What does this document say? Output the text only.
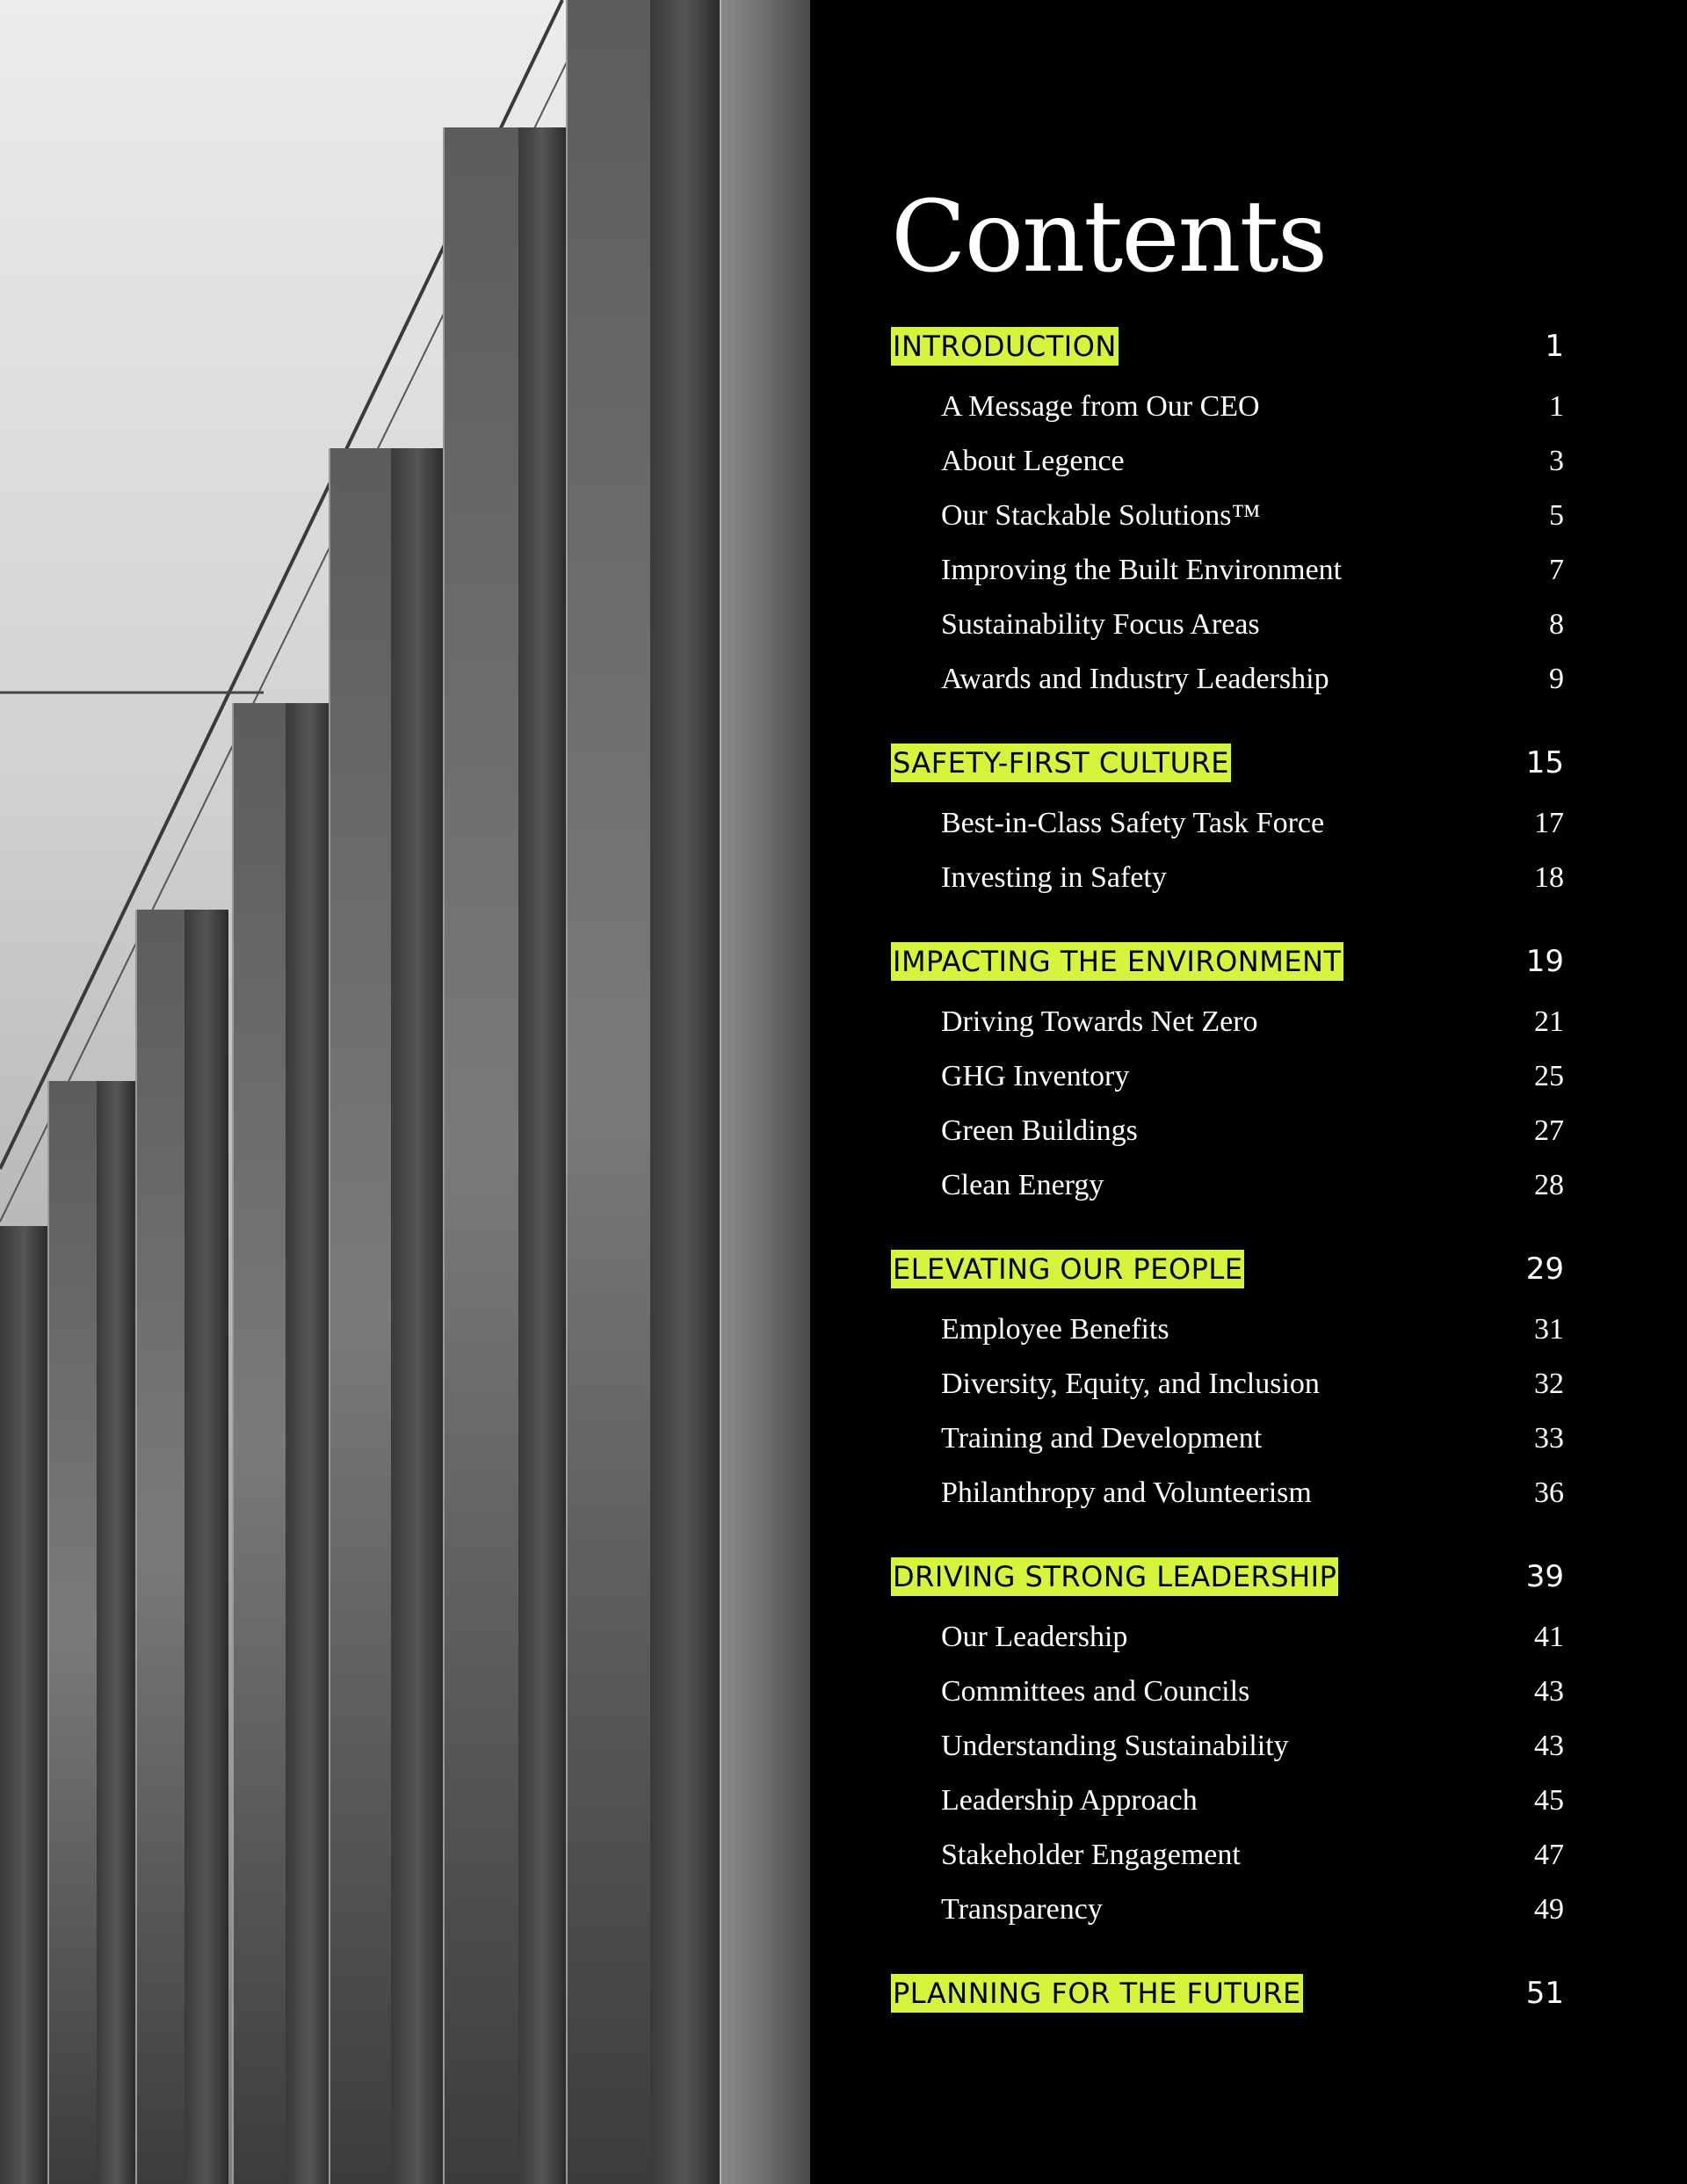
Contents
INTRODUCTION	1
A Message from Our CEO	1
About Legence	3
Our Stackable Solutions™	5
Improving the Built Environment	7
Sustainability Focus Areas	8
Awards and Industry Leadership	9
SAFETY-FIRST CULTURE	15
Best-in-Class Safety Task Force	17
Investing in Safety	18
IMPACTING THE ENVIRONMENT	19
Driving Towards Net Zero	21
GHG Inventory	25
Green Buildings	27
Clean Energy	28
ELEVATING OUR PEOPLE	29
Employee Benefits	31
Diversity, Equity, and Inclusion	32
Training and Development	33
Philanthropy and Volunteerism	36
DRIVING STRONG LEADERSHIP	39
Our Leadership	41
Committees and Councils	43
Understanding Sustainability	43
Leadership Approach	45
Stakeholder Engagement	47
Transparency	49
PLANNING FOR THE FUTURE	51
